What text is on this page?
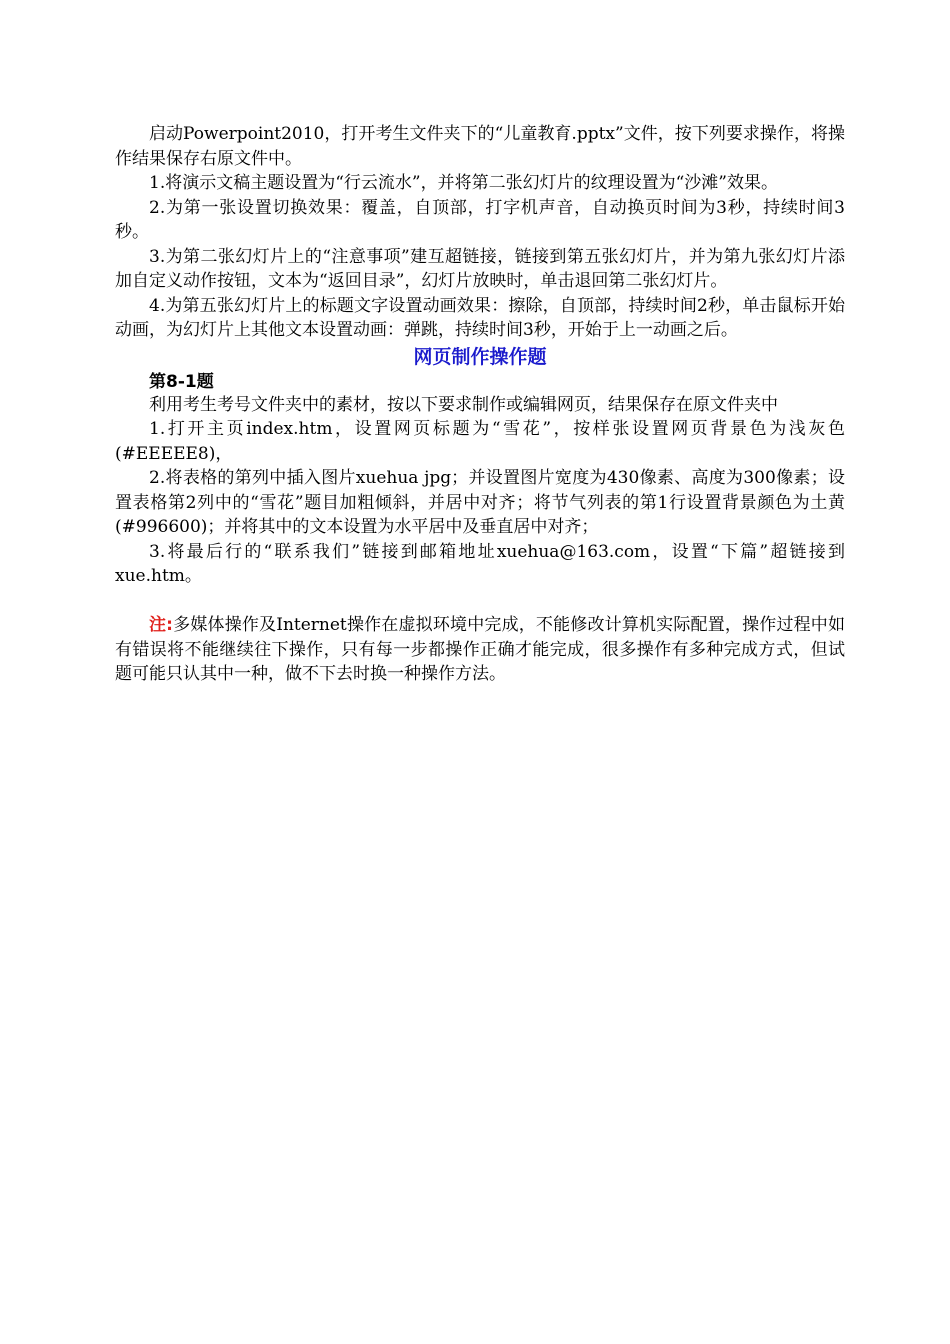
启动Powerpoint2010，打开考生文件夹下的“儿童教育.pptx”文件，按下列要求操作，将操作结果保存右原文件中。

1.将演示文稿主题设置为“行云流水”，并将第二张幻灯片的纹理设置为“沙滩”效果。

2.为第一张设置切换效果：覆盖，自顶部，打字机声音，自动换页时间为3秒，持续时间3秒。

3.为第二张幻灯片上的“注意事项”建互超链接，链接到第五张幻灯片，并为第九张幻灯片添加自定义动作按钮，文本为“返回目录”，幻灯片放映时，单击退回第二张幻灯片。

4.为第五张幻灯片上的标题文字设置动画效果：擦除，自顶部，持续时间2秒，单击鼠标开始动画，为幻灯片上其他文本设置动画：弹跳，持续时间3秒，开始于上一动画之后。

网页制作操作题

第8-1题

利用考生考号文件夹中的素材，按以下要求制作或编辑网页，结果保存在原文件夹中

1.打开主页index.htm，设置网页标题为“雪花”，按样张设置网页背景色为浅灰色(#EEEEE8)，

2.将表格的第列中插入图片xuehua jpg；并设置图片宽度为430像素、高度为300像素；设置表格第2列中的“雪花”题目加粗倾斜，并居中对齐；将节气列表的第1行设置背景颜色为土黄(#996600)；并将其中的文本设置为水平居中及垂直居中对齐；

3.将最后行的“联系我们”链接到邮箱地址xuehua@163.com，设置“下篇”超链接到xue.htm。

注:多媒体操作及Internet操作在虚拟环境中完成，不能修改计算机实际配置，操作过程中如有错误将不能继续往下操作，只有每一步都操作正确才能完成，很多操作有多种完成方式，但试题可能只认其中一种，做不下去时换一种操作方法。
